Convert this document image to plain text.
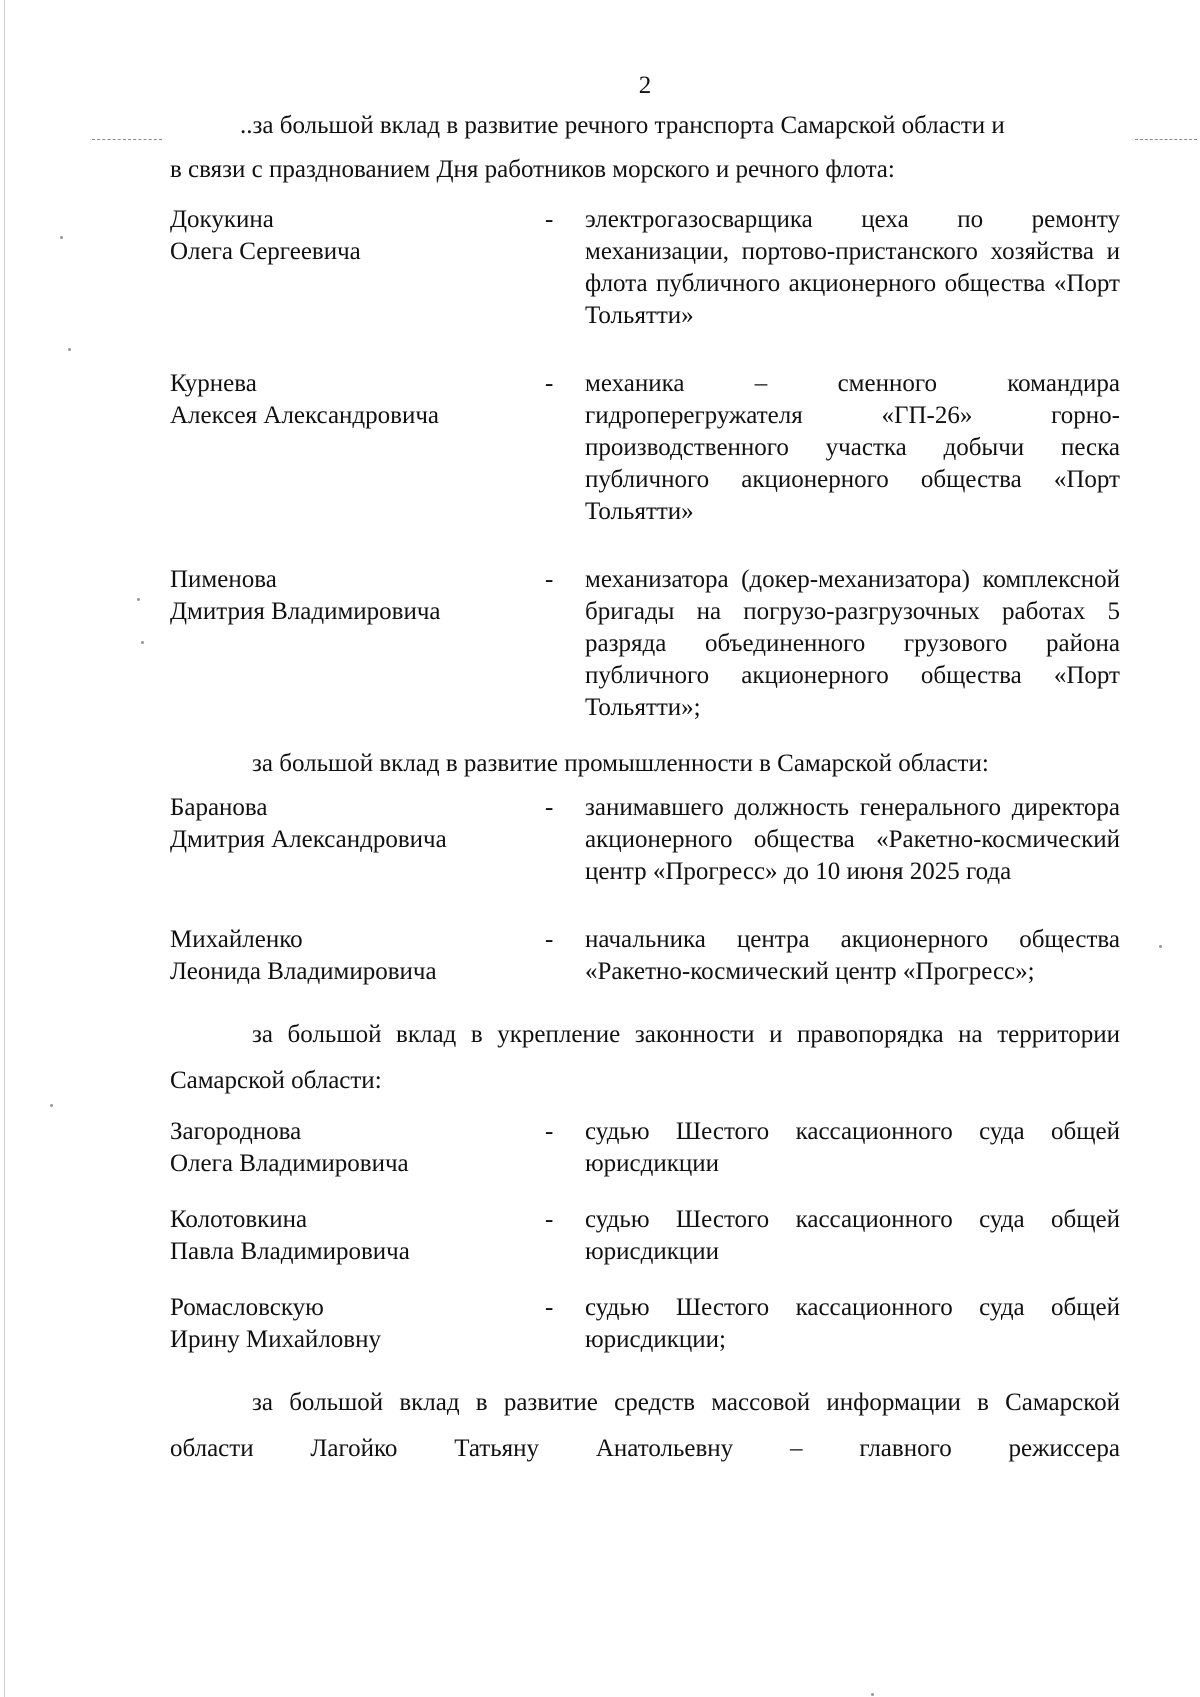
2

..за большой вклад в развитие речного транспорта Самарской области и

в связи с празднованием Дня работников морского и речного флота:

Докукина
Олега Сергеевича
-	электрогазосварщика цеха по ремонту механизации, портово-пристанского хозяйства и флота публичного акционерного общества «Порт Тольятти»
Курнева
Алексея Александровича
-	механика – сменного командира гидроперегружателя «ГП-26» горно-производственного участка добычи песка публичного акционерного общества «Порт Тольятти»
Пименова
Дмитрия Владимировича
-	механизатора (докер-механизатора) комплексной бригады на погрузо-разгрузочных работах 5 разряда объединенного грузового района публичного акционерного общества «Порт Тольятти»;

за большой вклад в развитие промышленности в Самарской области:

Баранова
Дмитрия Александровича
-	занимавшего должность генерального директора акционерного общества «Ракетно-космический центр «Прогресс» до 10 июня 2025 года
Михайленко
Леонида Владимировича
-	начальника центра акционерного общества «Ракетно-космический центр «Прогресс»;

за большой вклад в укрепление законности и правопорядка на территории Самарской области:

Загороднова
Олега Владимировича
-	судью Шестого кассационного суда общей юрисдикции
Колотовкина
Павла Владимировича
-	судью Шестого кассационного суда общей юрисдикции
Ромасловскую
Ирину Михайловну
-	судью Шестого кассационного суда общей юрисдикции;

за большой вклад в развитие средств массовой информации в Самарской области Лагойко Татьяну Анатольевну – главного режиссера
